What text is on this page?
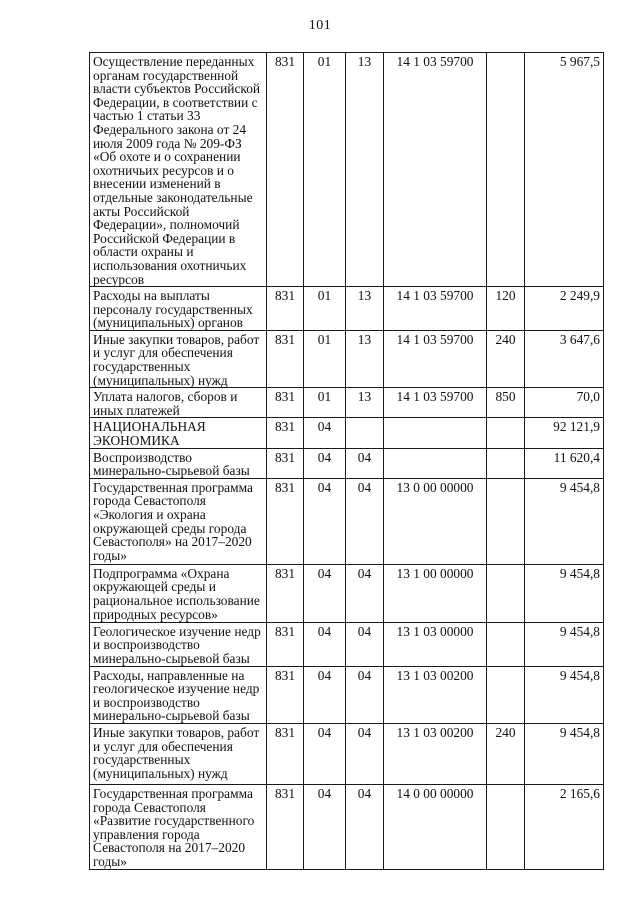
101
Осуществление переданных органам государственной власти субъектов Российской Федерации, в соответствии с частью 1 статьи 33 Федерального закона от 24 июля 2009 года № 209-ФЗ «Об охоте и о сохранении охотничьих ресурсов и о внесении изменений в отдельные законодательные акты Российской Федерации», полномочий Российской Федерации в области охраны и использования охотничьих ресурсов	831	01	13	14 1 03 59700		5 967,5
Расходы на выплаты персоналу государственных (муниципальных) органов	831	01	13	14 1 03 59700	120	2 249,9
Иные закупки товаров, работ и услуг для обеспечения государственных (муниципальных) нужд	831	01	13	14 1 03 59700	240	3 647,6
Уплата налогов, сборов и иных платежей	831	01	13	14 1 03 59700	850	70,0
НАЦИОНАЛЬНАЯ ЭКОНОМИКА	831	04				92 121,9
Воспроизводство минерально-сырьевой базы	831	04	04			11 620,4
Государственная программа города Севастополя «Экология и охрана окружающей среды города Севастополя» на 2017–2020 годы»	831	04	04	13 0 00 00000		9 454,8
Подпрограмма «Охрана окружающей среды и рациональное использование природных ресурсов»	831	04	04	13 1 00 00000		9 454,8
Геологическое изучение недр и воспроизводство минерально-сырьевой базы	831	04	04	13 1 03 00000		9 454,8
Расходы, направленные на геологическое изучение недр и воспроизводство минерально-сырьевой базы	831	04	04	13 1 03 00200		9 454,8
Иные закупки товаров, работ и услуг для обеспечения государственных (муниципальных) нужд	831	04	04	13 1 03 00200	240	9 454,8
Государственная программа города Севастополя «Развитие государственного управления города Севастополя на 2017–2020 годы»	831	04	04	14 0 00 00000		2 165,6
